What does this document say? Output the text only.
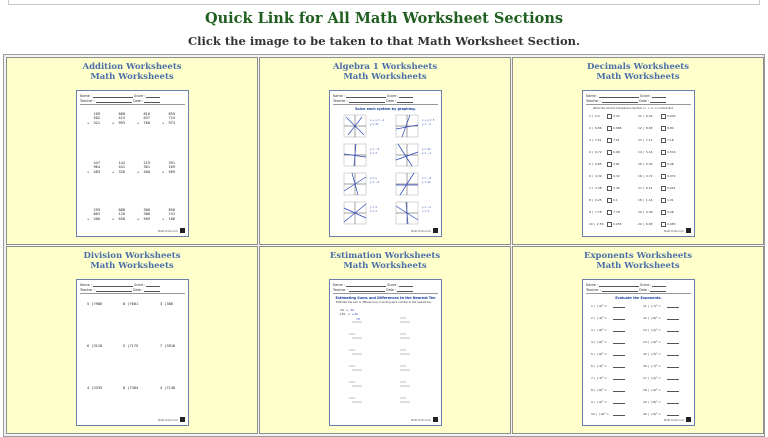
Quick Link for All Math Worksheet Sections
Click the image to be taken to that Math Worksheet Section.
Addition Worksheets
Math Worksheets
Name :	Score :
Teacher :	Date :
169
502
+  321
668
415
+  993
816
637
+  766
855
724
+  973
447
964
+  483
142
441
+  326
219
361
+  500
391
169
+  569
259
863
+  206
688
120
+  658
360
380
+  569
850
741
+  106
Math-Drills.Com
Algebra 1 Worksheets
Math Worksheets
Name :	Score :
Teacher :	Date :
Solve each system by graphing.
x + y = −1
y = 2x
x + y = 5
y = −x
y = −3
x = 2
y = 2x
y = −1
y = x
y = −2
x = −4
y = 3x
y = 2
x = 1
y = −x
x = 3
Math-Drills.Com
Decimals Worksheets
Math Worksheets
Name :	Score :
Teacher :	Date :
Write the Correct Comparison Symbol (<, > or =) in Each Box
1 )  2.4	0.32	11 )  6.42	0.642
2 )  6.86	0.686	12 )  8.83	8.84
3 )  7.51	7.51	13 )  7.11	7.18
4 )  6.72	6.68	14 )  5.16	0.516
5 )  0.85	0.81	15 )  0.36	0.38
6 )  4.39	4.32	16 )  0.72	0.072
7 )  3.38	3.35	17 )  6.21	0.621
8 )  0.25	0.1	18 )  1.16	1.01
9 )  7.78	7.78	19 )  9.38	9.38
10 )  2.53	0.253	20 )  6.83	0.683
Math-Drills.Com
Division Worksheets
Math Worksheets
Name :	Score :
Teacher :	Date :
5 )7986	8 )7601	3 )386
6 )3218	5 )7175	7 )3918
4 )3335	8 )7384	4 )7148
Math-Drills.Com
Estimation Worksheets
Math Worksheets
Name :	Score :
Teacher :	Date :
Estimating Sums and Differences to the Nearest Ten
Estimate the sum or difference by rounding each number to the nearest ten.
34  →  30
+35  →  +40
70
Math-Drills.Com
Exponents Worksheets
Math Worksheets
Name :	Score :
Teacher :	Date :
Evaluate the Exponents.
1 )  (-5)³ =
2 )  (-4)³ =
3 )  (-8)³ =
4 )  (-6)² =
5 )  (-6)³ =
6 )  (-4)² =
7 )  (-3)³ =
8 )  (-6)² =
9 )  (-5)² =
10 )  (-9)² =
11 )  (-7)³ =
12 )  (-8)² =
13 )  (-2)³ =
14 )  (-9)³ =
15 )  (-3)² =
16 )  (-7)² =
17 )  (-2)² =
18 )  (-4)³ =
19 )  (-8)² =
20 )  (-5)² =
Math-Drills.Com
